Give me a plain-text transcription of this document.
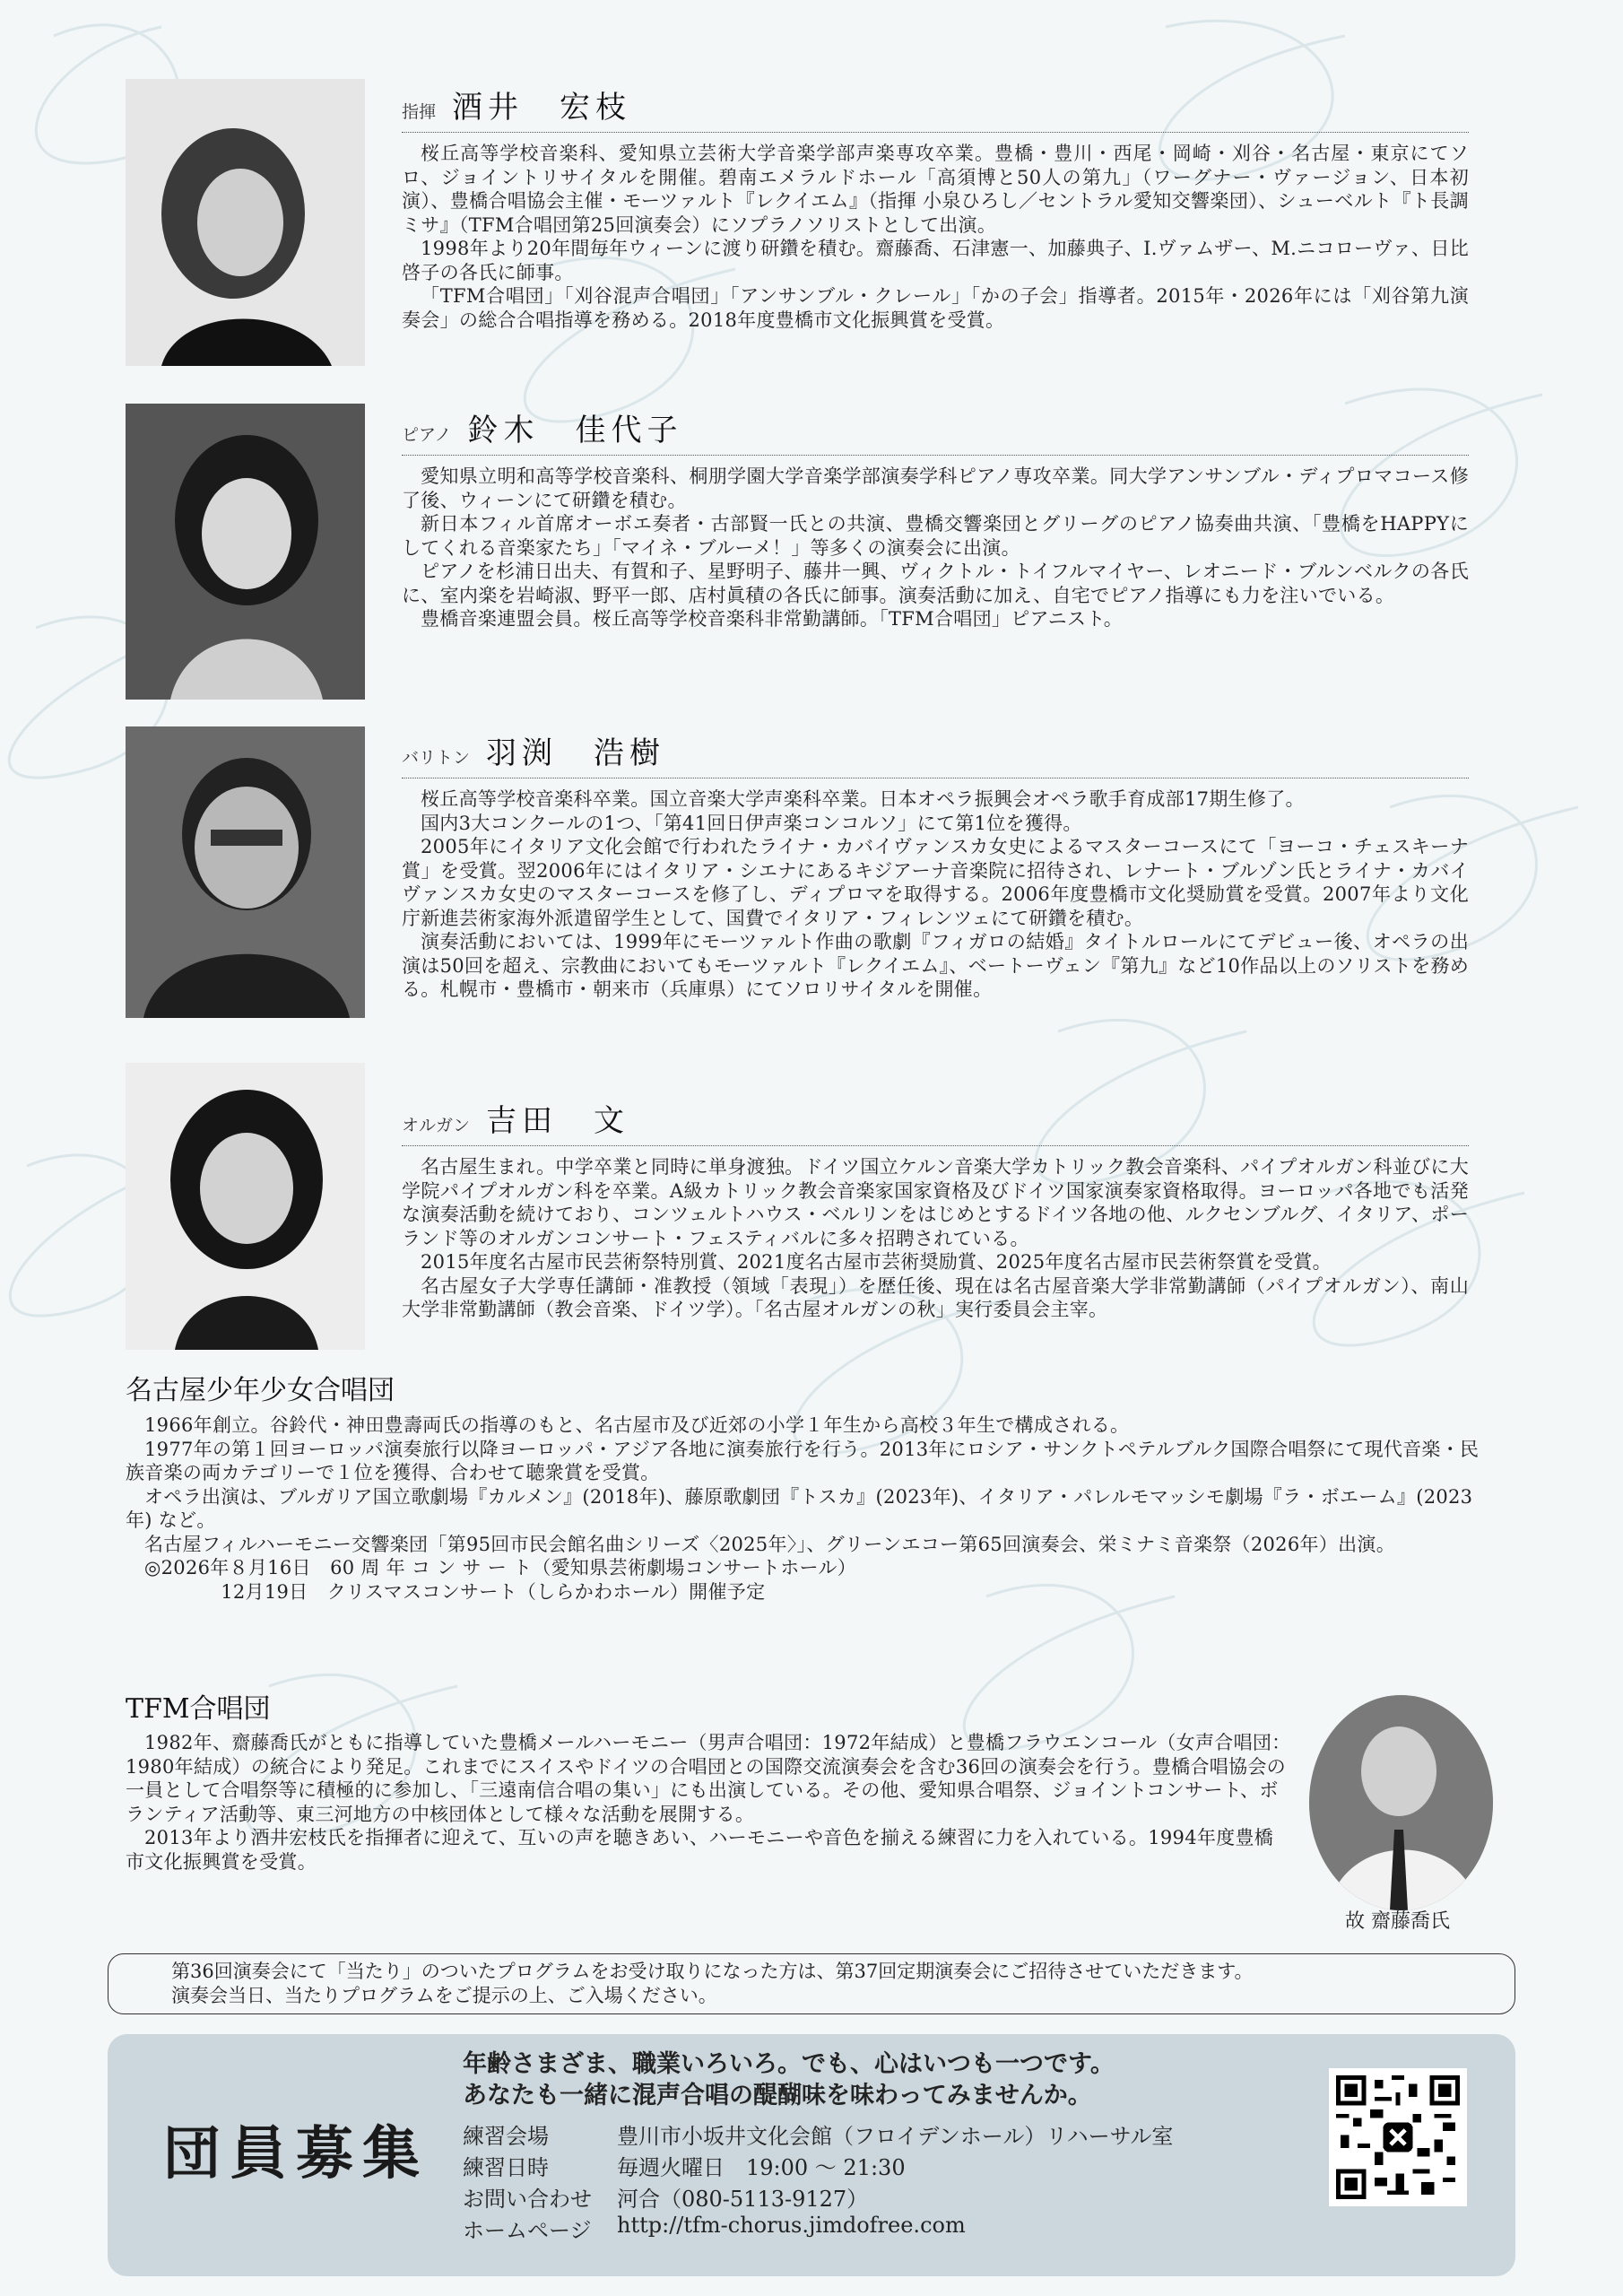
指揮 酒井　宏枝

桜丘高等学校音楽科、愛知県立芸術大学音楽学部声楽専攻卒業。豊橋・豊川・西尾・岡崎・刈谷・名古屋・東京にてソロ、ジョイントリサイタルを開催。碧南エメラルドホール「高須博と50人の第九」（ワーグナー・ヴァージョン、日本初演）、豊橋合唱協会主催・モーツァルト『レクイエム』（指揮 小泉ひろし／セントラル愛知交響楽団）、シューベルト『ト長調ミサ』（TFM合唱団第25回演奏会）にソプラノソリストとして出演。

1998年より20年間毎年ウィーンに渡り研鑽を積む。齋藤喬、石津憲一、加藤典子、I.ヴァムザー、M.ニコローヴァ、日比啓子の各氏に師事。

「TFM合唱団」「刈谷混声合唱団」「アンサンブル・クレール」「かの子会」指導者。2015年・2026年には「刈谷第九演奏会」の総合合唱指導を務める。2018年度豊橋市文化振興賞を受賞。

ピアノ 鈴木　佳代子

愛知県立明和高等学校音楽科、桐朋学園大学音楽学部演奏学科ピアノ専攻卒業。同大学アンサンブル・ディプロマコース修了後、ウィーンにて研鑽を積む。

新日本フィル首席オーボエ奏者・古部賢一氏との共演、豊橋交響楽団とグリーグのピアノ協奏曲共演、「豊橋をHAPPYにしてくれる音楽家たち」「マイネ・ブルーメ！」等多くの演奏会に出演。

ピアノを杉浦日出夫、有賀和子、星野明子、藤井一興、ヴィクトル・トイフルマイヤー、レオニード・ブルンベルクの各氏に、室内楽を岩崎淑、野平一郎、店村眞積の各氏に師事。演奏活動に加え、自宅でピアノ指導にも力を注いでいる。

豊橋音楽連盟会員。桜丘高等学校音楽科非常勤講師。「TFM合唱団」ピアニスト。

バリトン 羽渕　浩樹

桜丘高等学校音楽科卒業。国立音楽大学声楽科卒業。日本オペラ振興会オペラ歌手育成部17期生修了。

国内3大コンクールの1つ、「第41回日伊声楽コンコルソ」にて第1位を獲得。

2005年にイタリア文化会館で行われたライナ・カバイヴァンスカ女史によるマスターコースにて「ヨーコ・チェスキーナ賞」を受賞。翌2006年にはイタリア・シエナにあるキジアーナ音楽院に招待され、レナート・ブルゾン氏とライナ・カバイヴァンスカ女史のマスターコースを修了し、ディプロマを取得する。2006年度豊橋市文化奨励賞を受賞。2007年より文化庁新進芸術家海外派遣留学生として、国費でイタリア・フィレンツェにて研鑽を積む。

演奏活動においては、1999年にモーツァルト作曲の歌劇『フィガロの結婚』タイトルロールにてデビュー後、オペラの出演は50回を超え、宗教曲においてもモーツァルト『レクイエム』、ベートーヴェン『第九』など10作品以上のソリストを務める。札幌市・豊橋市・朝来市（兵庫県）にてソロリサイタルを開催。

オルガン 吉田　文

名古屋生まれ。中学卒業と同時に単身渡独。ドイツ国立ケルン音楽大学カトリック教会音楽科、パイプオルガン科並びに大学院パイプオルガン科を卒業。A級カトリック教会音楽家国家資格及びドイツ国家演奏家資格取得。ヨーロッパ各地でも活発な演奏活動を続けており、コンツェルトハウス・ベルリンをはじめとするドイツ各地の他、ルクセンブルグ、イタリア、ポーランド等のオルガンコンサート・フェスティバルに多々招聘されている。

2015年度名古屋市民芸術祭特別賞、2021度名古屋市芸術奨励賞、2025年度名古屋市民芸術祭賞を受賞。

名古屋女子大学専任講師・准教授（領域「表現」）を歴任後、現在は名古屋音楽大学非常勤講師（パイプオルガン）、南山大学非常勤講師（教会音楽、ドイツ学）。「名古屋オルガンの秋」実行委員会主宰。

名古屋少年少女合唱団

1966年創立。谷鈴代・神田豊壽両氏の指導のもと、名古屋市及び近郊の小学１年生から高校３年生で構成される。

1977年の第１回ヨーロッパ演奏旅行以降ヨーロッパ・アジア各地に演奏旅行を行う。2013年にロシア・サンクトペテルブルク国際合唱祭にて現代音楽・民族音楽の両カテゴリーで１位を獲得、合わせて聴衆賞を受賞。

オペラ出演は、ブルガリア国立歌劇場『カルメン』(2018年)、藤原歌劇団『トスカ』(2023年)、イタリア・パレルモマッシモ劇場『ラ・ボエーム』(2023年) など。

名古屋フィルハーモニー交響楽団「第95回市民会館名曲シリーズ〈2025年〉」、グリーンエコー第65回演奏会、栄ミナミ音楽祭（2026年）出演。

◎2026年８月16日　60 周 年 コ ン サ ー ト（愛知県芸術劇場コンサートホール）

　　　　12月19日　クリスマスコンサート（しらかわホール）開催予定

TFM合唱団

1982年、齋藤喬氏がともに指導していた豊橋メールハーモニー（男声合唱団：1972年結成）と豊橋フラウエンコール（女声合唱団：1980年結成）の統合により発足。これまでにスイスやドイツの合唱団との国際交流演奏会を含む36回の演奏会を行う。豊橋合唱協会の一員として合唱祭等に積極的に参加し、「三遠南信合唱の集い」にも出演している。その他、愛知県合唱祭、ジョイントコンサート、ボランティア活動等、東三河地方の中核団体として様々な活動を展開する。

2013年より酒井宏枝氏を指揮者に迎えて、互いの声を聴きあい、ハーモニーや音色を揃える練習に力を入れている。1994年度豊橋市文化振興賞を受賞。

故 齋藤喬氏

第36回演奏会にて「当たり」のついたプログラムをお受け取りになった方は、第37回定期演奏会にご招待させていただきます。

演奏会当日、当たりプログラムをご提示の上、ご入場ください。

団員募集
年齢さまざま、職業いろいろ。でも、心はいつも一つです。
あなたも一緒に混声合唱の醍醐味を味わってみませんか。
練習会場	豊川市小坂井文化会館（フロイデンホール）リハーサル室
練習日時	毎週火曜日　19:00 ～ 21:30
お問い合わせ	河合（080-5113-9127）
ホームページ	http://tfm-chorus.jimdofree.com
